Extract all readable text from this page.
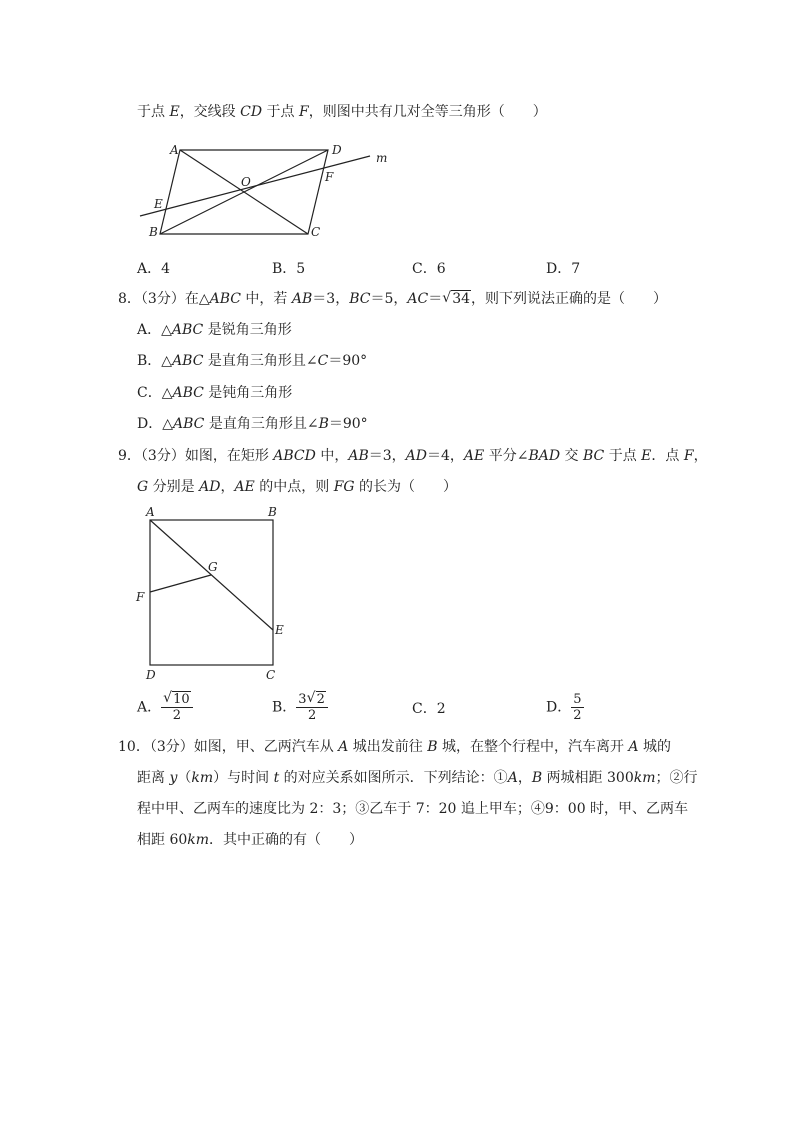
于点 E，交线段 CD 于点 F，则图中共有几对全等三角形（　　）
A	D
m
O	F
E
B	C
A．4	B．5	C．6	D．7
8．（3分）在△ABC 中，若 AB＝3，BC＝5，AC＝ √ 34，则下列说法正确的是（　　）
A．△ABC 是锐角三角形
B．△ABC 是直角三角形且∠C＝90°
C．△ABC 是钝角三角形
D．△ABC 是直角三角形且∠B＝90°
9．（3分）如图，在矩形 ABCD 中，AB＝3，AD＝4，AE 平分∠BAD 交 BC 于点 E．点 F，
G 分别是 AD，AE 的中点，则 FG 的长为（　　）
A	B
G
F
E
D	C
A． √ $\frac{10}{2}$	B． $\frac{3 √ 2}{2}$	C．2	D． $\frac{5}{2}$
10．（3分）如图，甲、乙两汽车从 A 城出发前往 B 城，在整个行程中，汽车离开 A 城的
距离 y（km）与时间 t 的对应关系如图所示．下列结论：①A，B 两城相距 300km；②行
程中甲、乙两车的速度比为 2：3；③乙车于 7：20 追上甲车；④9：00 时，甲、乙两车
相距 60km．其中正确的有（　　）
